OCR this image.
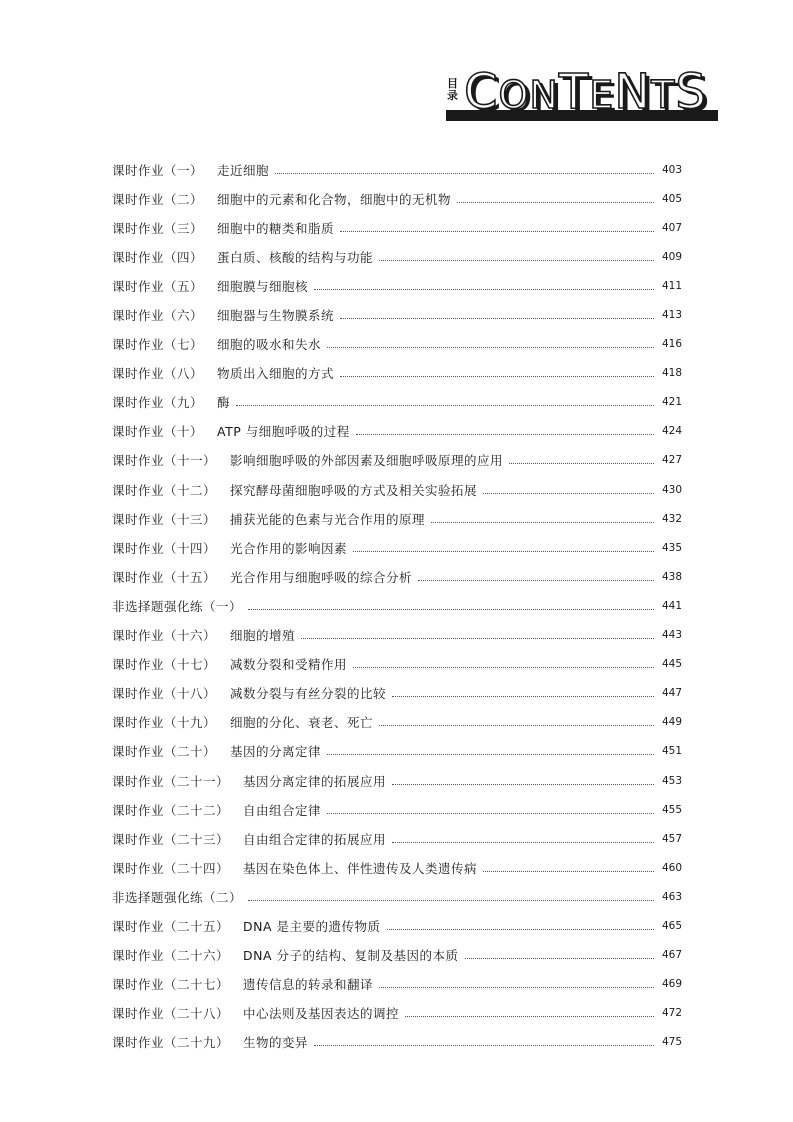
目
录 CONTENTS
课时作业（一） 走近细胞	403
课时作业（二） 细胞中的元素和化合物，细胞中的无机物	405
课时作业（三） 细胞中的糖类和脂质	407
课时作业（四） 蛋白质、核酸的结构与功能	409
课时作业（五） 细胞膜与细胞核	411
课时作业（六） 细胞器与生物膜系统	413
课时作业（七） 细胞的吸水和失水	416
课时作业（八） 物质出入细胞的方式	418
课时作业（九） 酶	421
课时作业（十） ATP 与细胞呼吸的过程	424
课时作业（十一） 影响细胞呼吸的外部因素及细胞呼吸原理的应用	427
课时作业（十二） 探究酵母菌细胞呼吸的方式及相关实验拓展	430
课时作业（十三） 捕获光能的色素与光合作用的原理	432
课时作业（十四） 光合作用的影响因素	435
课时作业（十五） 光合作用与细胞呼吸的综合分析	438
非选择题强化练（一）	441
课时作业（十六） 细胞的增殖	443
课时作业（十七） 减数分裂和受精作用	445
课时作业（十八） 减数分裂与有丝分裂的比较	447
课时作业（十九） 细胞的分化、衰老、死亡	449
课时作业（二十） 基因的分离定律	451
课时作业（二十一） 基因分离定律的拓展应用	453
课时作业（二十二） 自由组合定律	455
课时作业（二十三） 自由组合定律的拓展应用	457
课时作业（二十四） 基因在染色体上、伴性遗传及人类遗传病	460
非选择题强化练（二）	463
课时作业（二十五） DNA 是主要的遗传物质	465
课时作业（二十六） DNA 分子的结构、复制及基因的本质	467
课时作业（二十七） 遗传信息的转录和翻译	469
课时作业（二十八） 中心法则及基因表达的调控	472
课时作业（二十九） 生物的变异	475
